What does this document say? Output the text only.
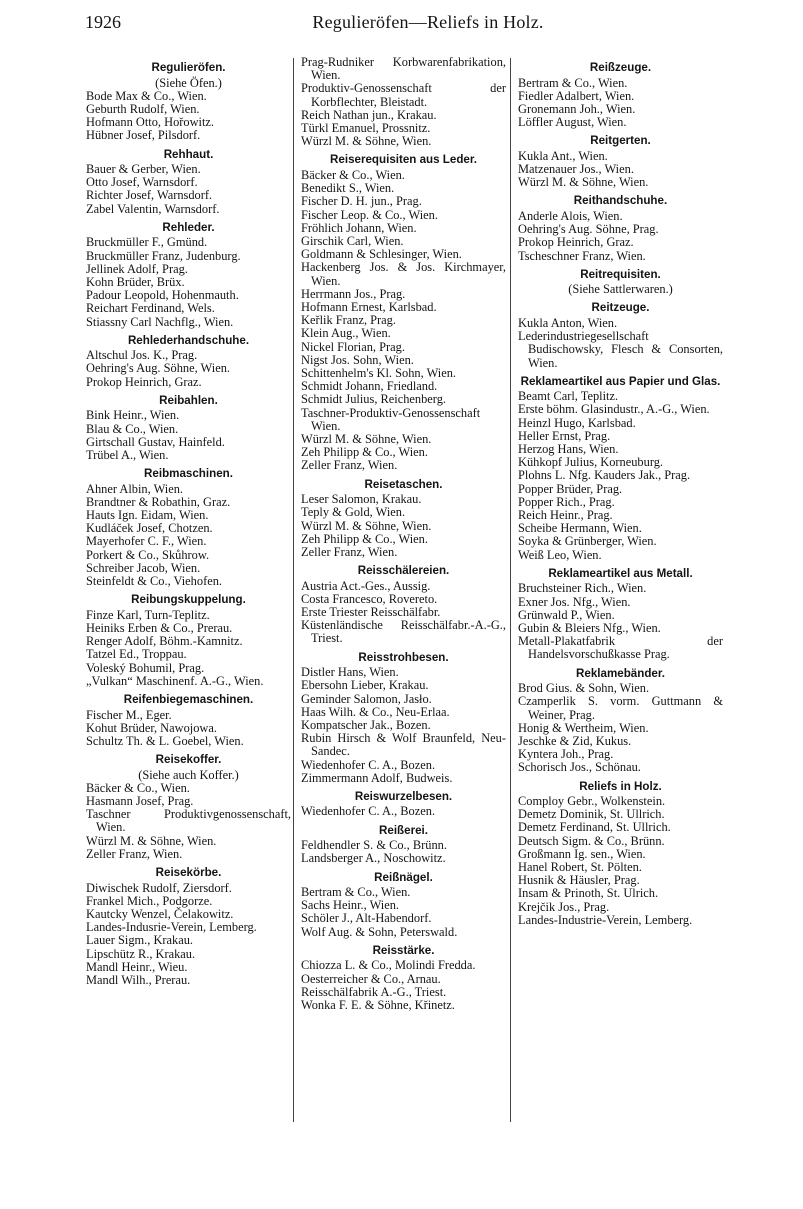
1926	Regulieröfen—Reliefs in Holz.
Regulieröfen.
(Siehe Öfen.)
Bode Max & Co., Wien.
Geburth Rudolf, Wien.
Hofmann Otto, Hořowitz.
Hübner Josef, Pilsdorf.
Rehhaut.
Bauer & Gerber, Wien.
Otto Josef, Warnsdorf.
Richter Josef, Warnsdorf.
Zabel Valentin, Warnsdorf.
Rehleder.
Bruckmüller F., Gmünd.
Bruckmüller Franz, Judenburg.
Jellinek Adolf, Prag.
Kohn Brüder, Brüx.
Padour Leopold, Hohenmauth.
Reichart Ferdinand, Wels.
Stiassny Carl Nachflg., Wien.
Rehlederhandschuhe.
Altschul Jos. K., Prag.
Oehring's Aug. Söhne, Wien.
Prokop Heinrich, Graz.
Reibahlen.
Bink Heinr., Wien.
Blau & Co., Wien.
Girtschall Gustav, Hainfeld.
Trübel A., Wien.
Reibmaschinen.
Ahner Albin, Wien.
Brandtner & Robathin, Graz.
Hauts Ign. Eidam, Wien.
Kudláček Josef, Chotzen.
Mayerhofer C. F., Wien.
Porkert & Co., Skůhrow.
Schreiber Jacob, Wien.
Steinfeldt & Co., Viehofen.
Reibungskuppelung.
Finze Karl, Turn-Teplitz.
Heiniks Erben & Co., Prerau.
Renger Adolf, Böhm.-Kamnitz.
Tatzel Ed., Troppau.
Voleský Bohumil, Prag.
„Vulkan“ Maschinenf. A.-G., Wien.
Reifenbiegemaschinen.
Fischer M., Eger.
Kohut Brüder, Nawojowa.
Schultz Th. & L. Goebel, Wien.
Reisekoffer.
(Siehe auch Koffer.)
Bäcker & Co., Wien.
Hasmann Josef, Prag.
Taschner Produktivgenossenschaft, Wien.
Würzl M. & Söhne, Wien.
Zeller Franz, Wien.
Reisekörbe.
Diwischek Rudolf, Ziersdorf.
Frankel Mich., Podgorze.
Kautcky Wenzel, Čelakowitz.
Landes-Indusrie-Verein, Lemberg.
Lauer Sigm., Krakau.
Lipschütz R., Krakau.
Mandl Heinr., Wieu.
Mandl Wilh., Prerau.
Prag-Rudniker Korbwarenfabrikation, Wien.
Produktiv-Genossenschaft der Korbflechter, Bleistadt.
Reich Nathan jun., Krakau.
Türkl Emanuel, Prossnitz.
Würzl M. & Söhne, Wien.
Reiserequisiten aus Leder.
Bäcker & Co., Wien.
Benedikt S., Wien.
Fischer D. H. jun., Prag.
Fischer Leop. & Co., Wien.
Fröhlich Johann, Wien.
Girschik Carl, Wien.
Goldmann & Schlesinger, Wien.
Hackenberg Jos. & Jos. Kirchmayer, Wien.
Herrmann Jos., Prag.
Hofmann Ernest, Karlsbad.
Keřlik Franz, Prag.
Klein Aug., Wien.
Nickel Florian, Prag.
Nigst Jos. Sohn, Wien.
Schittenhelm's Kl. Sohn, Wien.
Schmidt Johann, Friedland.
Schmidt Julius, Reichenberg.
Taschner-Produktiv-Genossenschaft Wien.
Würzl M. & Söhne, Wien.
Zeh Philipp & Co., Wien.
Zeller Franz, Wien.
Reisetaschen.
Leser Salomon, Krakau.
Teply & Gold, Wien.
Würzl M. & Söhne, Wien.
Zeh Philipp & Co., Wien.
Zeller Franz, Wien.
Reisschälereien.
Austria Act.-Ges., Aussig.
Costa Francesco, Rovereto.
Erste Triester Reisschälfabr.
Küstenländische Reisschälfabr.-A.-G., Triest.
Reisstrohbesen.
Distler Hans, Wien.
Ebersohn Lieber, Krakau.
Geminder Salomon, Jasło.
Haas Wilh. & Co., Neu-Erlaa.
Kompatscher Jak., Bozen.
Rubin Hirsch & Wolf Braunfeld, Neu-Sandec.
Wiedenhofer C. A., Bozen.
Zimmermann Adolf, Budweis.
Reiswurzelbesen.
Wiedenhofer C. A., Bozen.
Reißerei.
Feldhendler S. & Co., Brünn.
Landsberger A., Noschowitz.
Reißnägel.
Bertram & Co., Wien.
Sachs Heinr., Wien.
Schöler J., Alt-Habendorf.
Wolf Aug. & Sohn, Peterswald.
Reisstärke.
Chiozza L. & Co., Molindi Fredda.
Oesterreicher & Co., Arnau.
Reisschälfabrik A.-G., Triest.
Wonka F. E. & Söhne, Křinetz.
Reißzeuge.
Bertram & Co., Wien.
Fiedler Adalbert, Wien.
Gronemann Joh., Wien.
Löffler August, Wien.
Reitgerten.
Kukla Ant., Wien.
Matzenauer Jos., Wien.
Würzl M. & Söhne, Wien.
Reithandschuhe.
Anderle Alois, Wien.
Oehring's Aug. Söhne, Prag.
Prokop Heinrich, Graz.
Tscheschner Franz, Wien.
Reitrequisiten.
(Siehe Sattlerwaren.)
Reitzeuge.
Kukla Anton, Wien.
Lederindustriegesellschaft Budischowsky, Flesch & Consorten, Wien.
Reklameartikel aus Papier und Glas.
Beamt Carl, Teplitz.
Erste böhm. Glasindustr., A.-G., Wien.
Heinzl Hugo, Karlsbad.
Heller Ernst, Prag.
Herzog Hans, Wien.
Kühkopf Julius, Korneuburg.
Plohns L. Nfg. Kauders Jak., Prag.
Popper Brüder, Prag.
Popper Rich., Prag.
Reich Heinr., Prag.
Scheibe Hermann, Wien.
Soyka & Grünberger, Wien.
Weiß Leo, Wien.
Reklameartikel aus Metall.
Bruchsteiner Rich., Wien.
Exner Jos. Nfg., Wien.
Grünwald P., Wien.
Gubin & Bleiers Nfg., Wien.
Metall-Plakatfabrik der Handelsvorschußkasse Prag.
Reklamebänder.
Brod Gius. & Sohn, Wien.
Czamperlik S. vorm. Guttmann & Weiner, Prag.
Honig & Wertheim, Wien.
Jeschke & Zid, Kukus.
Kyntera Joh., Prag.
Schorisch Jos., Schönau.
Reliefs in Holz.
Comploy Gebr., Wolkenstein.
Demetz Dominik, St. Ullrich.
Demetz Ferdinand, St. Ullrich.
Deutsch Sigm. & Co., Brünn.
Großmann Ig. sen., Wien.
Hanel Robert, St. Pölten.
Husnik & Häusler, Prag.
Insam & Prinoth, St. Ulrich.
Krejčik Jos., Prag.
Landes-Industrie-Verein, Lemberg.
